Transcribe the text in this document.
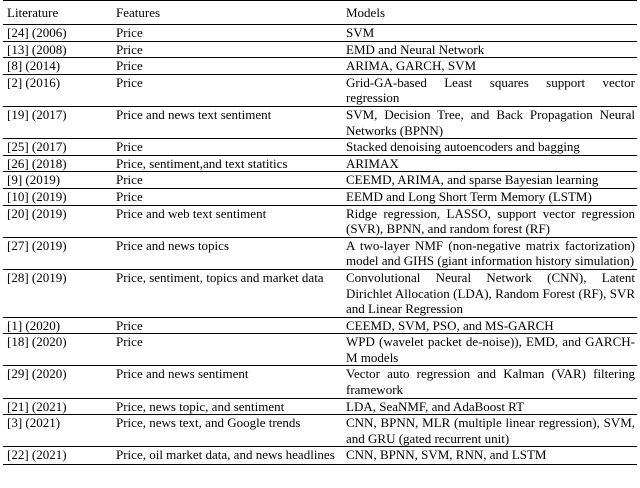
Literature	Features	Models
[24] (2006)	Price	SVM
[13] (2008)	Price	EMD and Neural Network
[8] (2014)	Price	ARIMA, GARCH, SVM
[2] (2016)	Price	Grid-GA-based Least squares support vector regression
[19] (2017)	Price and news text sentiment	SVM, Decision Tree, and Back Propagation Neural Networks (BPNN)
[25] (2017)	Price	Stacked denoising autoencoders and bagging
[26] (2018)	Price, sentiment,and text statitics	ARIMAX
[9] (2019)	Price	CEEMD, ARIMA, and sparse Bayesian learning
[10] (2019)	Price	EEMD and Long Short Term Memory (LSTM)
[20] (2019)	Price and web text sentiment	Ridge regression, LASSO, support vector regression (SVR), BPNN, and random forest (RF)
[27] (2019)	Price and news topics	A two-layer NMF (non-negative matrix factorization) model and GIHS (giant information history simulation)
[28] (2019)	Price, sentiment, topics and market data	Convolutional Neural Network (CNN), Latent Dirichlet Allocation (LDA), Random Forest (RF), SVR and Linear Regression
[1] (2020)	Price	CEEMD, SVM, PSO, and MS-GARCH
[18] (2020)	Price	WPD (wavelet packet de-noise)), EMD, and GARCH-M models
[29] (2020)	Price and news sentiment	Vector auto regression and Kalman (VAR) filtering framework
[21] (2021)	Price, news topic, and sentiment	LDA, SeaNMF, and AdaBoost RT
[3] (2021)	Price, news text, and Google trends	CNN, BPNN, MLR (multiple linear regression), SVM, and GRU (gated recurrent unit)
[22] (2021)	Price, oil market data, and news headlines	CNN, BPNN, SVM, RNN, and LSTM
